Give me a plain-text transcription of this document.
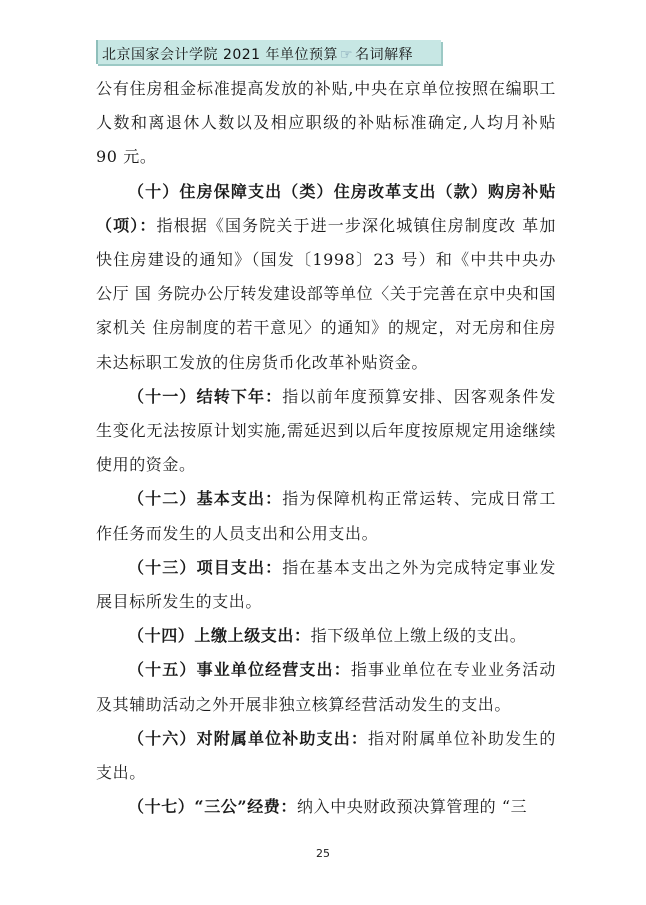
北京国家会计学院 2021 年单位预算 ☞ 名词解释

公有住房租金标准提高发放的补贴,中央在京单位按照在编职工人数和离退休人数以及相应职级的补贴标准确定,人均月补贴 90 元。

（十）住房保障支出（类）住房改革支出（款）购房补贴（项）：指根据《国务院关于进一步深化城镇住房制度改 革加快住房建设的通知》（国发〔1998〕23 号）和《中共中央办公厅 国 务院办公厅转发建设部等单位〈关于完善在京中央和国家机关 住房制度的若干意见〉的通知》的规定，对无房和住房未达标职工发放的住房货币化改革补贴资金。

（十一）结转下年：指以前年度预算安排、因客观条件发生变化无法按原计划实施,需延迟到以后年度按原规定用途继续使用的资金。

（十二）基本支出：指为保障机构正常运转、完成日常工作任务而发生的人员支出和公用支出。

（十三）项目支出：指在基本支出之外为完成特定事业发展目标所发生的支出。

（十四）上缴上级支出：指下级单位上缴上级的支出。

（十五）事业单位经营支出：指事业单位在专业业务活动及其辅助活动之外开展非独立核算经营活动发生的支出。

（十六）对附属单位补助支出：指对附属单位补助发生的支出。

（十七）“三公”经费：纳入中央财政预决算管理的 “三

25
